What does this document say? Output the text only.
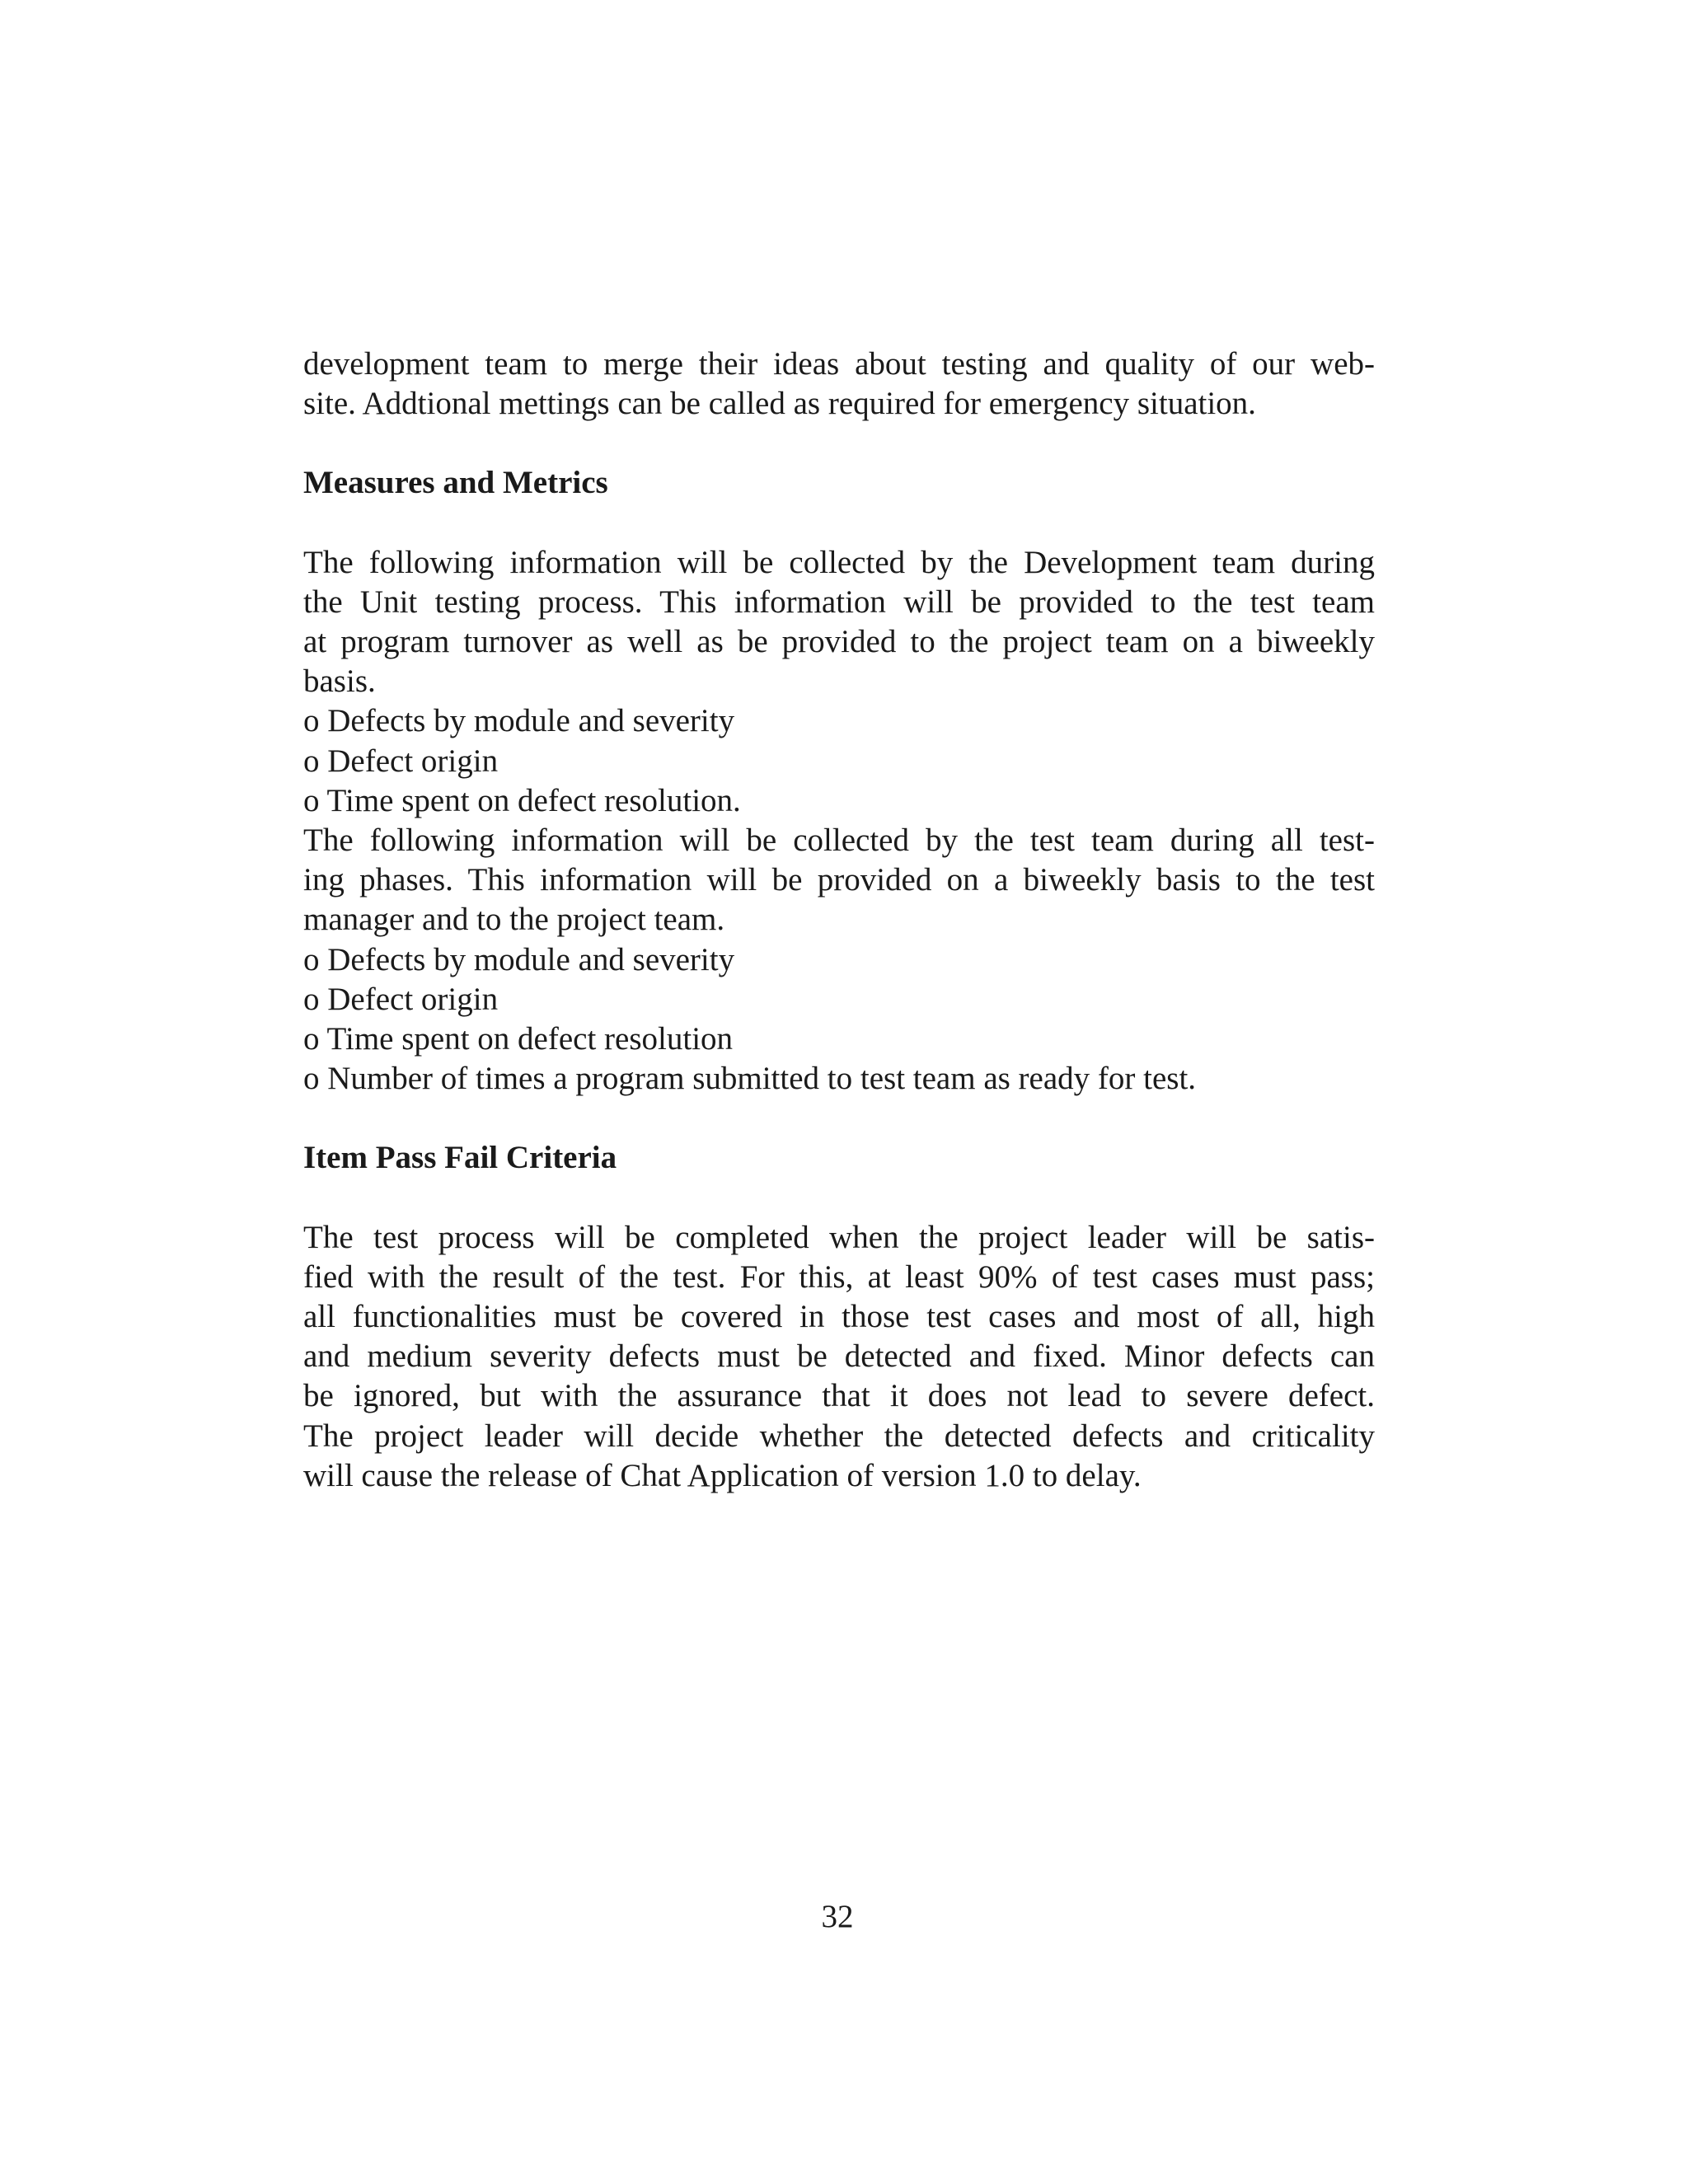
development team to merge their ideas about testing and quality of our web-
site. Addtional mettings can be called as required for emergency situation.

Measures and Metrics

The following information will be collected by the Development team during
the Unit testing process. This information will be provided to the test team
at program turnover as well as be provided to the project team on a biweekly
basis.

o Defects by module and severity
o Defect origin
o Time spent on defect resolution.

The following information will be collected by the test team during all test-
ing phases. This information will be provided on a biweekly basis to the test
manager and to the project team.

o Defects by module and severity
o Defect origin
o Time spent on defect resolution
o Number of times a program submitted to test team as ready for test.
Item Pass Fail Criteria

The test process will be completed when the project leader will be satis-
fied with the result of the test. For this, at least 90% of test cases must pass;
all functionalities must be covered in those test cases and most of all, high
and medium severity defects must be detected and fixed. Minor defects can
be ignored, but with the assurance that it does not lead to severe defect.
The project leader will decide whether the detected defects and criticality
will cause the release of Chat Application of version 1.0 to delay.

32
